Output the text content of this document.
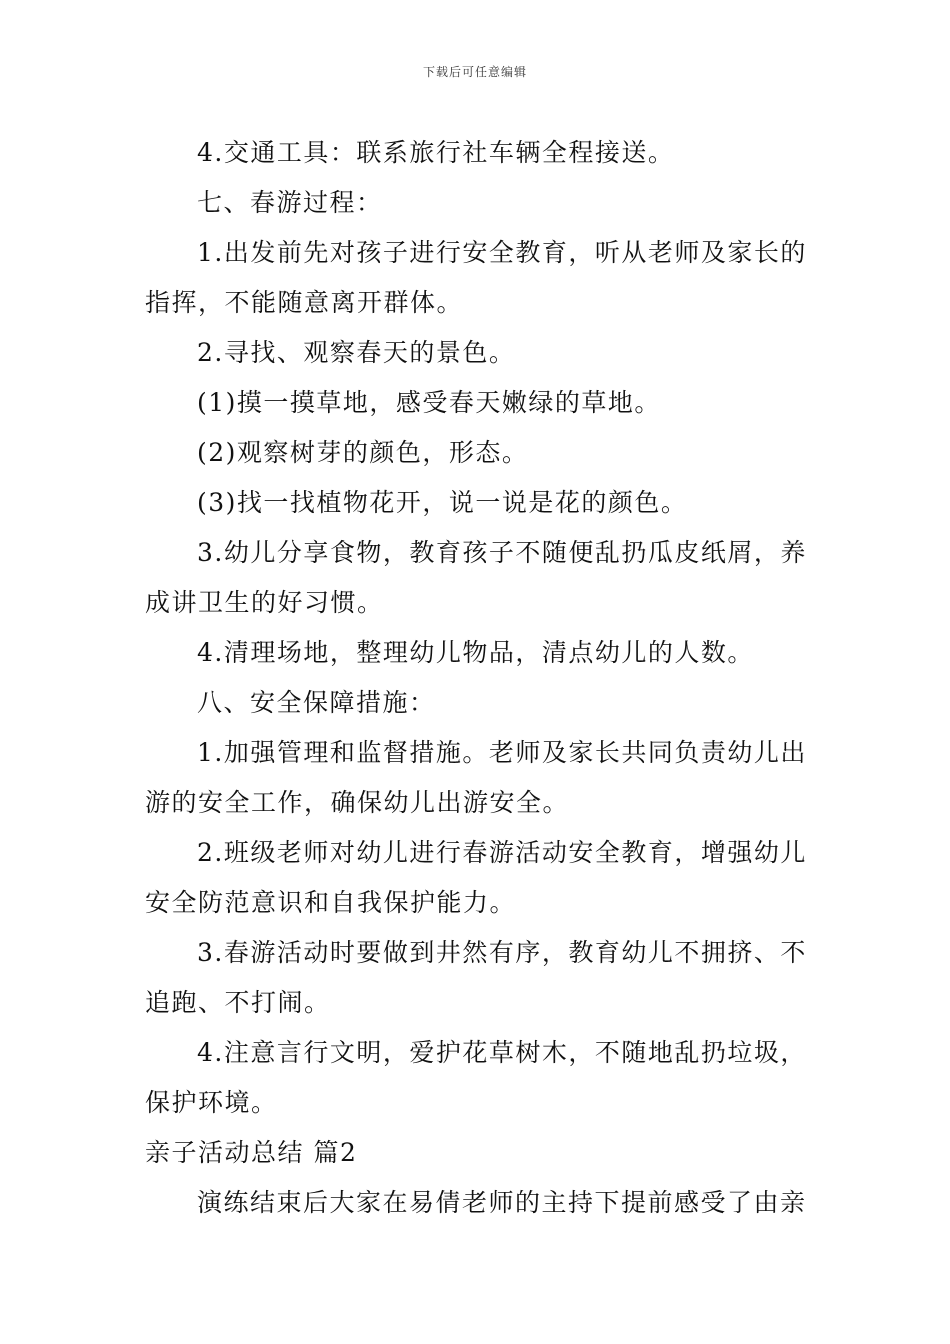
下载后可任意编辑

4.交通工具：联系旅行社车辆全程接送。

七、春游过程：

1.出发前先对孩子进行安全教育，听从老师及家长的指挥，不能随意离开群体。

2.寻找、观察春天的景色。

(1)摸一摸草地，感受春天嫩绿的草地。

(2)观察树芽的颜色，形态。

(3)找一找植物花开，说一说是花的颜色。

3.幼儿分享食物，教育孩子不随便乱扔瓜皮纸屑，养成讲卫生的好习惯。

4.清理场地，整理幼儿物品，清点幼儿的人数。

八、安全保障措施：

1.加强管理和监督措施。老师及家长共同负责幼儿出游的安全工作，确保幼儿出游安全。

2.班级老师对幼儿进行春游活动安全教育，增强幼儿安全防范意识和自我保护能力。

3.春游活动时要做到井然有序，教育幼儿不拥挤、不追跑、不打闹。

4.注意言行文明，爱护花草树木，不随地乱扔垃圾，保护环境。

亲子活动总结 篇2

演练结束后大家在易倩老师的主持下提前感受了由亲
